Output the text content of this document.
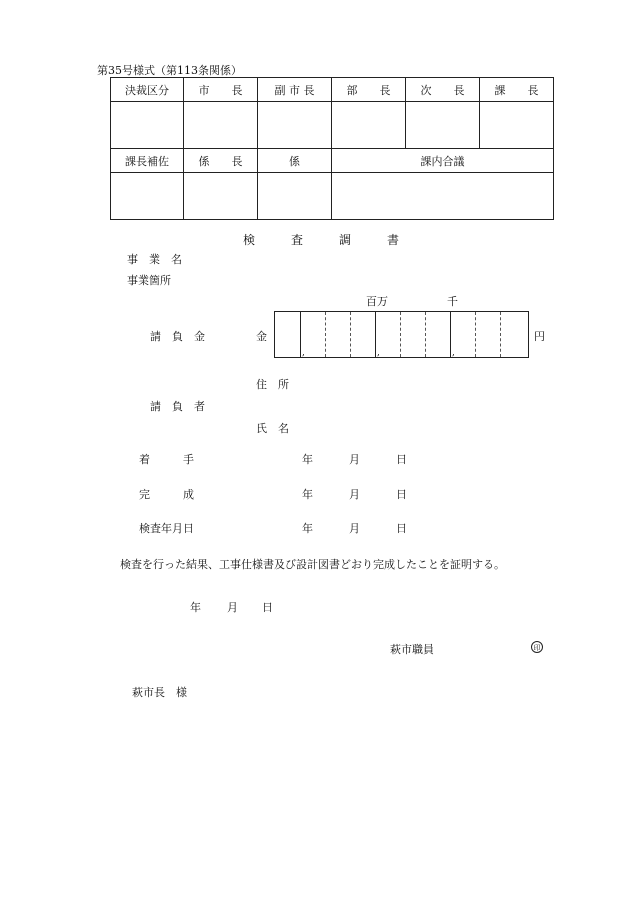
第35号様式（第113条関係）
決裁区分	市　　長	副 市 長	部　　長	次　　長	課　　長

課長補佐	係　　長	係	課内合議		

検　　　査　　　調　　　書
事　業　名
事業箇所
百万	千
請　負　金	金
,	,	,
円
住　所
請　負　者
氏　名
着　　　手	年	月	日
完　　　成	年	月	日
検査年月日	年	月	日
検査を行った結果、工事仕様書及び設計図書どおり完成したことを証明する。
年 月 日
萩市職員	印
萩市長　様
